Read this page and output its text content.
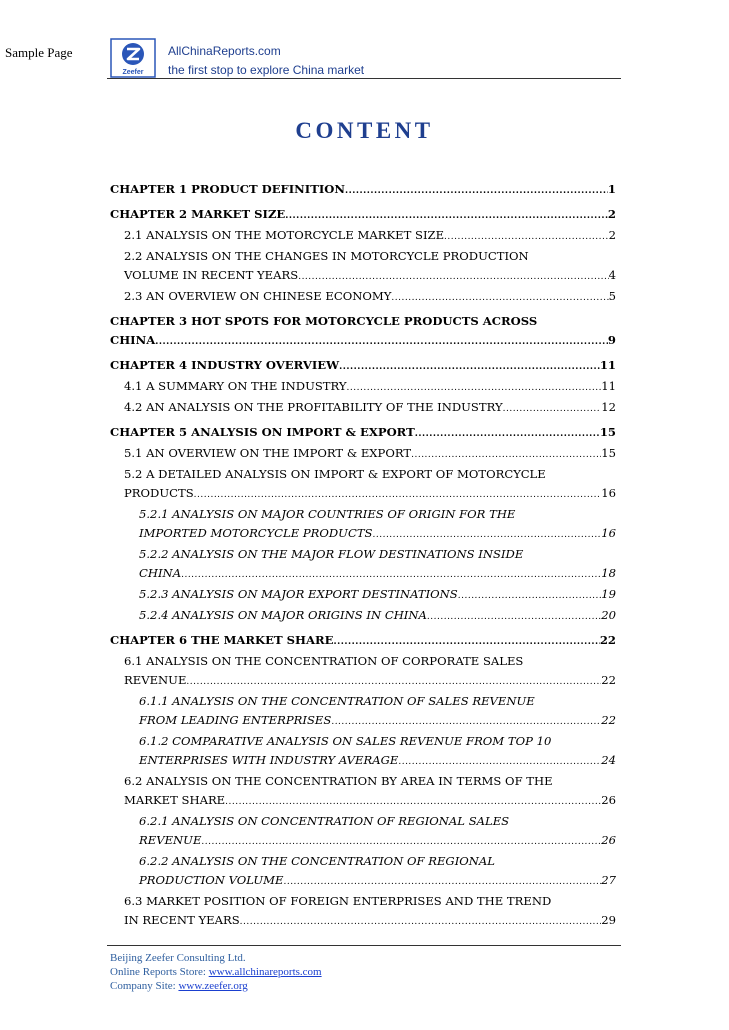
Sample Page
Zeefer
AllChinaReports.com
the first stop to explore China market
CONTENT
CHAPTER 1 PRODUCT DEFINITION .....	1
CHAPTER 2 MARKET SIZE .....	2
2.1 ANALYSIS ON THE MOTORCYCLE MARKET SIZE .....	2
2.2 ANALYSIS ON THE CHANGES IN MOTORCYCLE PRODUCTION
VOLUME IN RECENT YEARS .....	4
2.3 AN OVERVIEW ON CHINESE ECONOMY .....	5
CHAPTER 3 HOT SPOTS FOR MOTORCYCLE PRODUCTS ACROSS
CHINA .....	9
CHAPTER 4 INDUSTRY OVERVIEW .....	11
4.1 A SUMMARY ON THE INDUSTRY .....	11
4.2 AN ANALYSIS ON THE PROFITABILITY OF THE INDUSTRY .....	12
CHAPTER 5 ANALYSIS ON IMPORT & EXPORT .....	15
5.1 AN OVERVIEW ON THE IMPORT & EXPORT .....	15
5.2 A DETAILED ANALYSIS ON IMPORT & EXPORT OF MOTORCYCLE
PRODUCTS .....	16
5.2.1 ANALYSIS ON MAJOR COUNTRIES OF ORIGIN FOR THE
IMPORTED MOTORCYCLE PRODUCTS .....	16
5.2.2 ANALYSIS ON THE MAJOR FLOW DESTINATIONS INSIDE
CHINA .....	18
5.2.3 ANALYSIS ON MAJOR EXPORT DESTINATIONS .....	19
5.2.4 ANALYSIS ON MAJOR ORIGINS IN CHINA .....	20
CHAPTER 6 THE MARKET SHARE .....	22
6.1 ANALYSIS ON THE CONCENTRATION OF CORPORATE SALES
REVENUE .....	22
6.1.1 ANALYSIS ON THE CONCENTRATION OF SALES REVENUE
FROM LEADING ENTERPRISES .....	22
6.1.2 COMPARATIVE ANALYSIS ON SALES REVENUE FROM TOP 10
ENTERPRISES WITH INDUSTRY AVERAGE .....	24
6.2 ANALYSIS ON THE CONCENTRATION BY AREA IN TERMS OF THE
MARKET SHARE .....	26
6.2.1 ANALYSIS ON CONCENTRATION OF REGIONAL SALES
REVENUE .....	26
6.2.2 ANALYSIS ON THE CONCENTRATION OF REGIONAL
PRODUCTION VOLUME .....	27
6.3 MARKET POSITION OF FOREIGN ENTERPRISES AND THE TREND
IN RECENT YEARS .....	29
Beijing Zeefer Consulting Ltd.
Online Reports Store: www.allchinareports.com
Company Site: www.zeefer.org
